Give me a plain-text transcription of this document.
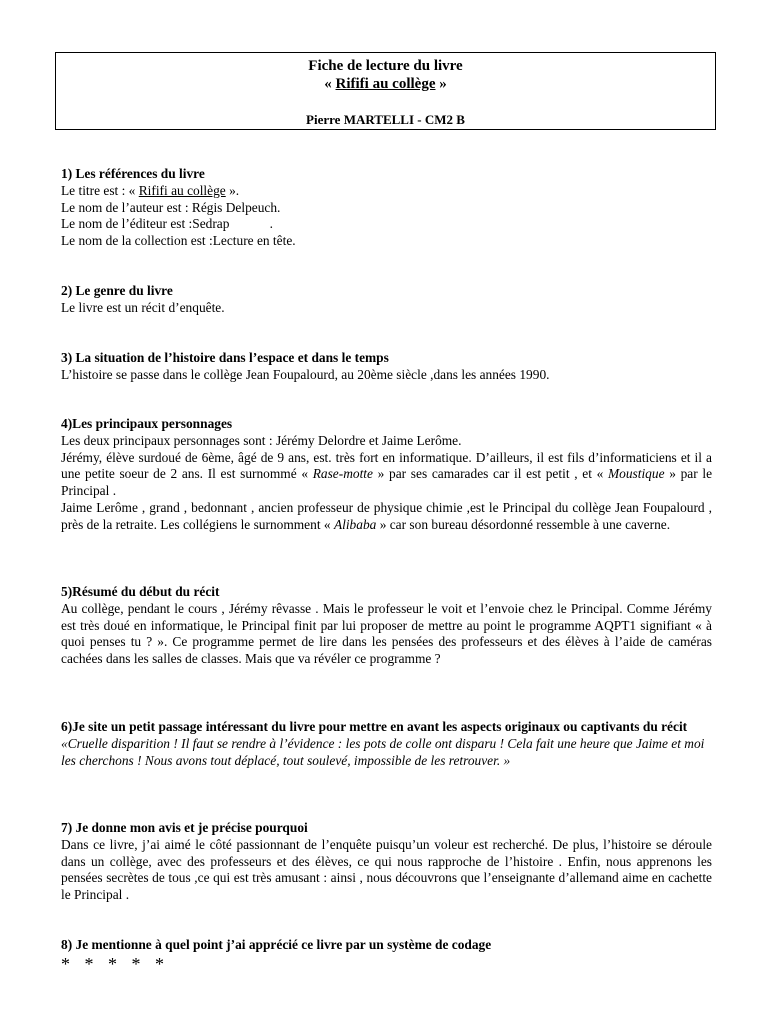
Fiche de lecture du livre
« Rififi au collège »
Pierre MARTELLI - CM2 B

1) Les références du livre

Le titre est : « Rififi au collège ».

Le nom de l’auteur est : Régis Delpeuch.

Le nom de l’éditeur est :Sedrap            .

Le nom de la collection est :Lecture en tête.

2) Le genre du livre

Le livre est un récit d’enquête.

3) La situation de l’histoire dans l’espace et dans le temps

L’histoire se passe dans le collège Jean Foupalourd, au 20ème siècle ,dans les années 1990.

4)Les principaux personnages

Les deux principaux personnages sont : Jérémy Delordre et Jaime Lerôme.

Jérémy, élève surdoué de 6ème, âgé de 9 ans, est. très fort en informatique. D’ailleurs, il est fils d’informaticiens et il a une petite soeur de 2 ans. Il est surnommé « Rase-motte » par ses camarades car il est petit , et « Moustique » par le Principal .

Jaime Lerôme , grand , bedonnant , ancien professeur de physique chimie ,est le Principal du collège Jean Foupalourd , près de la retraite. Les collégiens le surnomment « Alibaba » car son bureau désordonné ressemble à une caverne.

5)Résumé du début du récit

Au collège, pendant le cours , Jérémy rêvasse . Mais le professeur le voit et l’envoie chez le Principal. Comme Jérémy est très doué en informatique, le Principal finit par lui proposer de mettre au point le programme AQPT1 signifiant « à quoi penses tu ? ». Ce programme permet de lire dans les pensées des professeurs et des élèves à l’aide de caméras cachées dans les salles de classes. Mais que va révéler ce programme ?

6)Je site un petit passage intéressant du livre pour mettre en avant les aspects originaux ou captivants du récit

«Cruelle disparition ! Il faut se rendre à l’évidence : les pots de colle ont disparu ! Cela fait une heure que Jaime et moi les cherchons ! Nous avons tout déplacé, tout soulevé, impossible de les retrouver. »

7) Je donne mon avis et je précise pourquoi

Dans ce livre, j’ai aimé le côté passionnant de l’enquête puisqu’un voleur est recherché. De plus, l’histoire se déroule dans un collège, avec des professeurs et des élèves, ce qui nous rapproche de l’histoire . Enfin, nous apprenons les pensées secrètes de tous ,ce qui est très amusant : ainsi , nous découvrons que l’enseignante d’allemand aime en cachette le Principal .

8) Je mentionne à quel point j’ai apprécié ce livre par un système de codage

* * * * *
